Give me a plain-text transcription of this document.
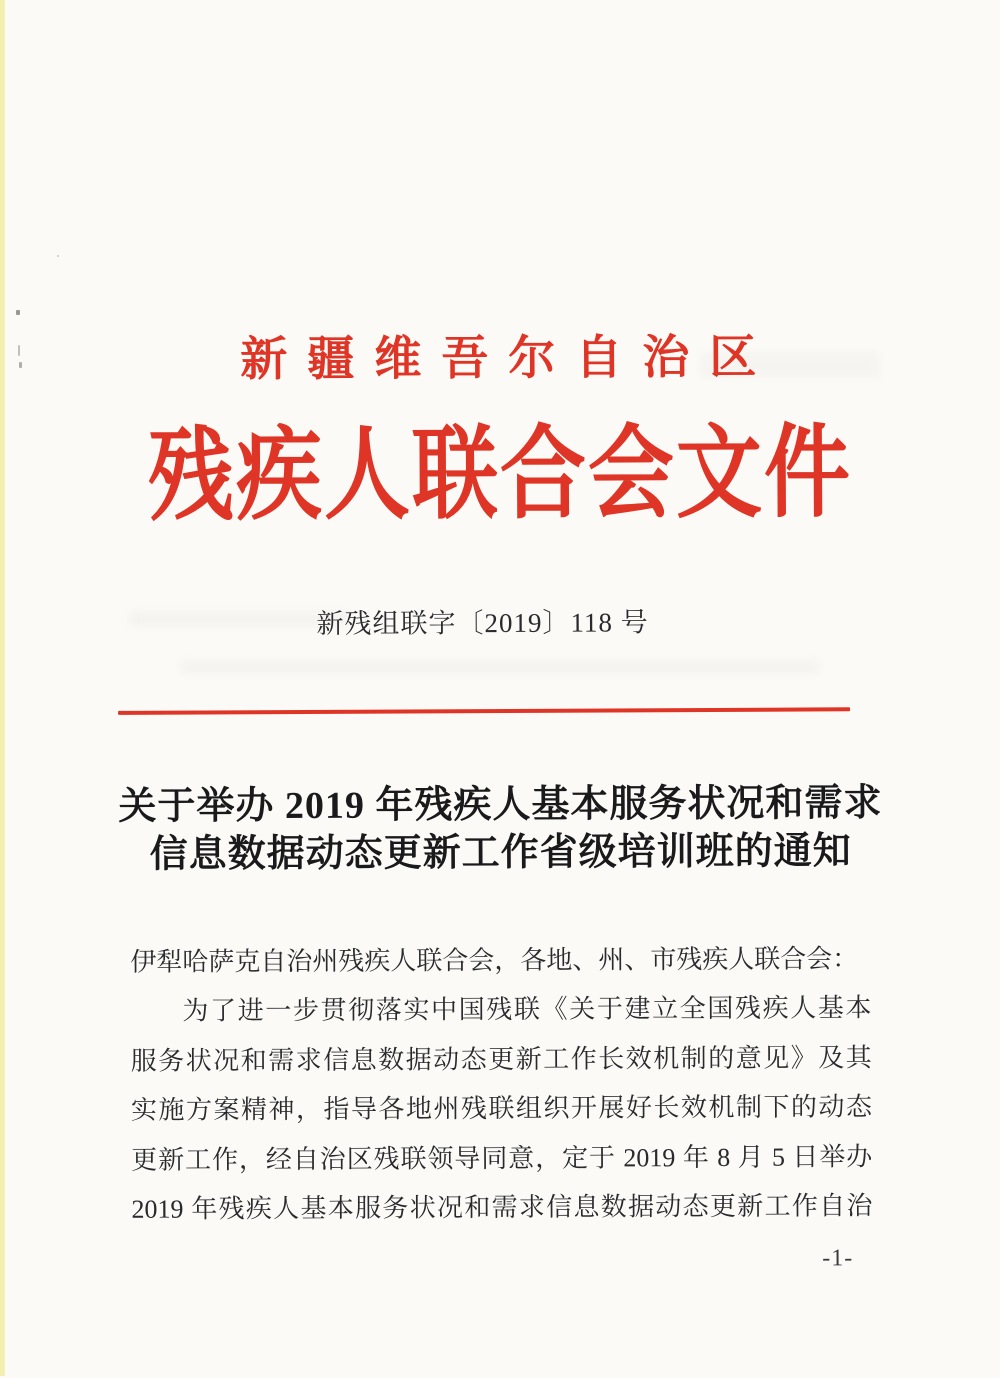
新疆维吾尔自治区
残疾人联合会文件
新残组联字〔2019〕118 号
关于举办 2019 年残疾人基本服务状况和需求
信息数据动态更新工作省级培训班的通知
伊犁哈萨克自治州残疾人联合会，各地、州、市残疾人联合会：
为了进一步贯彻落实中国残联《关于建立全国残疾人基本
服务状况和需求信息数据动态更新工作长效机制的意见》及其
实施方案精神，指导各地州残联组织开展好长效机制下的动态
更新工作，经自治区残联领导同意，定于 2019 年 8 月 5 日举办
2019 年残疾人基本服务状况和需求信息数据动态更新工作自治
-1-
